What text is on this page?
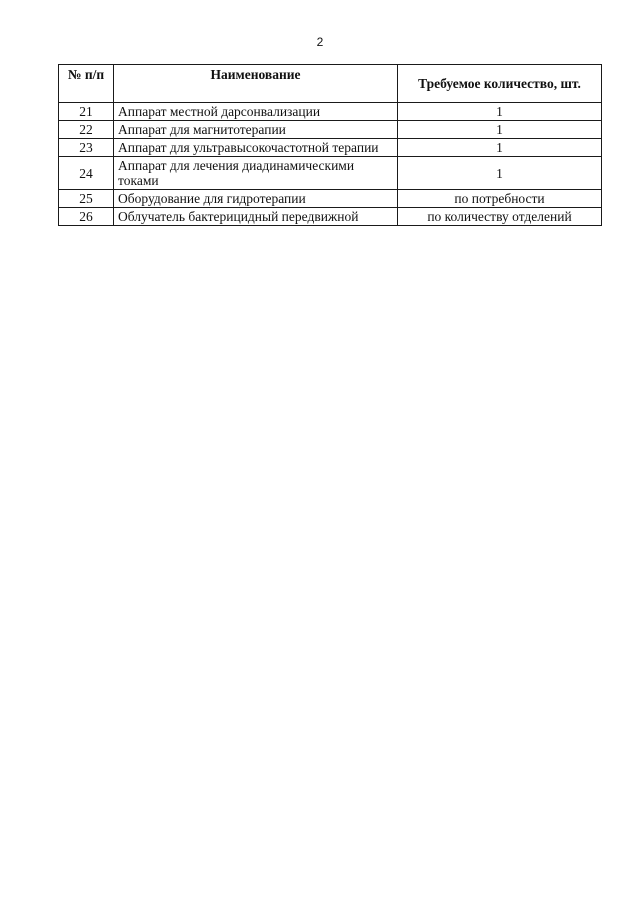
2
№ п/п	Наименование	Требуемое количество, шт.
21	Аппарат местной дарсонвализации	1
22	Аппарат для магнитотерапии	1
23	Аппарат для ультравысокочастотной терапии	1
24	Аппарат для лечения диадинамическими токами	1
25	Оборудование для гидротерапии	по потребности
26	Облучатель бактерицидный передвижной	по количеству отделений
